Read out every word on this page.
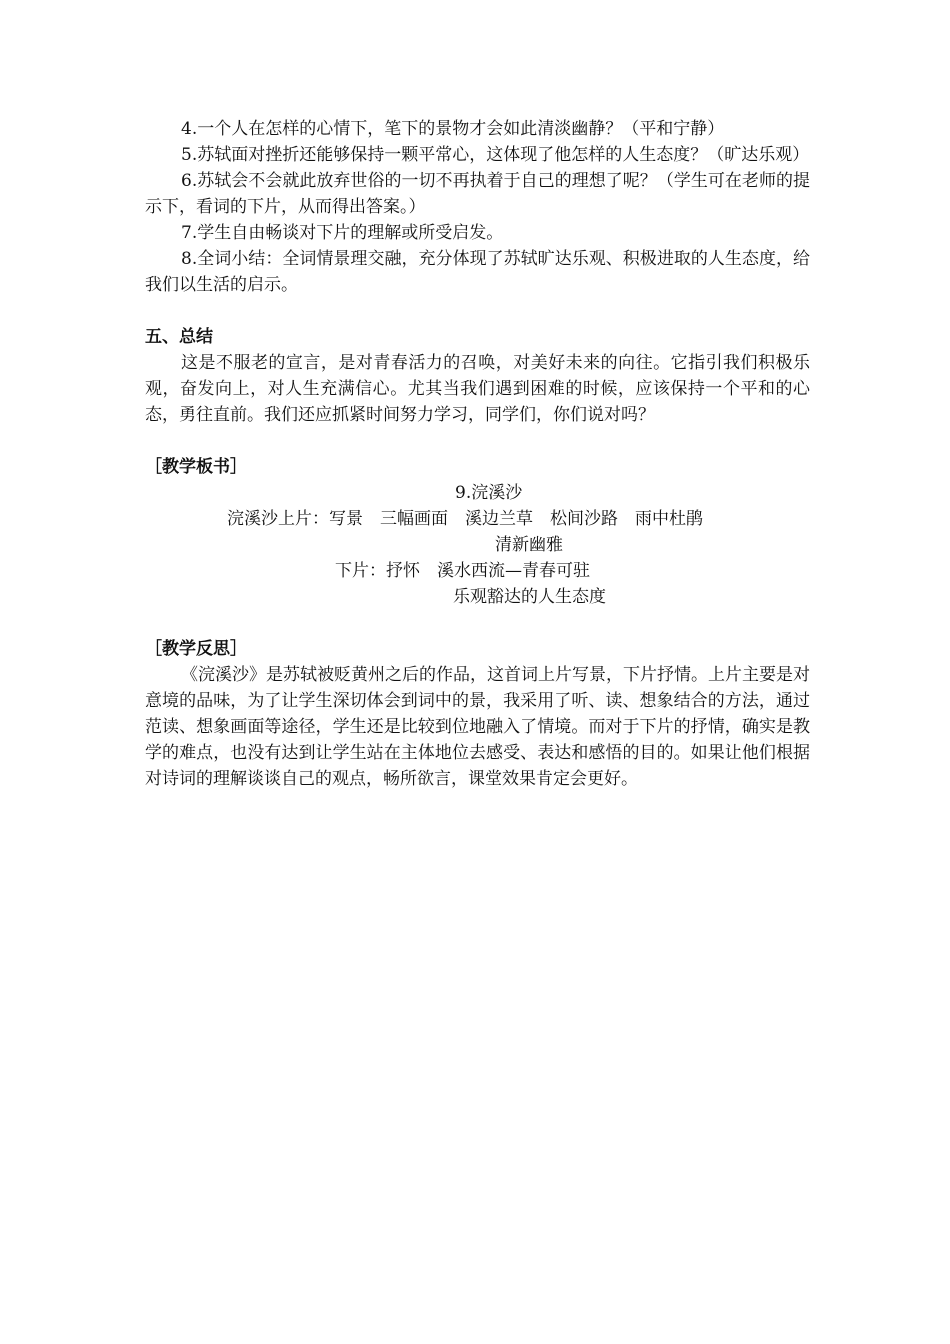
4.一个人在怎样的心情下，笔下的景物才会如此清淡幽静？（平和宁静）

5.苏轼面对挫折还能够保持一颗平常心，这体现了他怎样的人生态度？（旷达乐观）

6.苏轼会不会就此放弃世俗的一切不再执着于自己的理想了呢？（学生可在老师的提示下，看词的下片，从而得出答案。）

7.学生自由畅谈对下片的理解或所受启发。

8.全词小结：全词情景理交融，充分体现了苏轼旷达乐观、积极进取的人生态度，给我们以生活的启示。

五、总结

这是不服老的宣言，是对青春活力的召唤，对美好未来的向往。它指引我们积极乐观，奋发向上，对人生充满信心。尤其当我们遇到困难的时候，应该保持一个平和的心态，勇往直前。我们还应抓紧时间努力学习，同学们，你们说对吗？

［教学板书］

9.浣溪沙
浣溪沙上片：写景　三幅画面　溪边兰草　松间沙路　雨中杜鹃
清新幽雅
下片：抒怀　溪水西流—青春可驻
乐观豁达的人生态度

［教学反思］

《浣溪沙》是苏轼被贬黄州之后的作品，这首词上片写景，下片抒情。上片主要是对意境的品味，为了让学生深切体会到词中的景，我采用了听、读、想象结合的方法，通过范读、想象画面等途径，学生还是比较到位地融入了情境。而对于下片的抒情，确实是教学的难点，也没有达到让学生站在主体地位去感受、表达和感悟的目的。如果让他们根据对诗词的理解谈谈自己的观点，畅所欲言，课堂效果肯定会更好。
